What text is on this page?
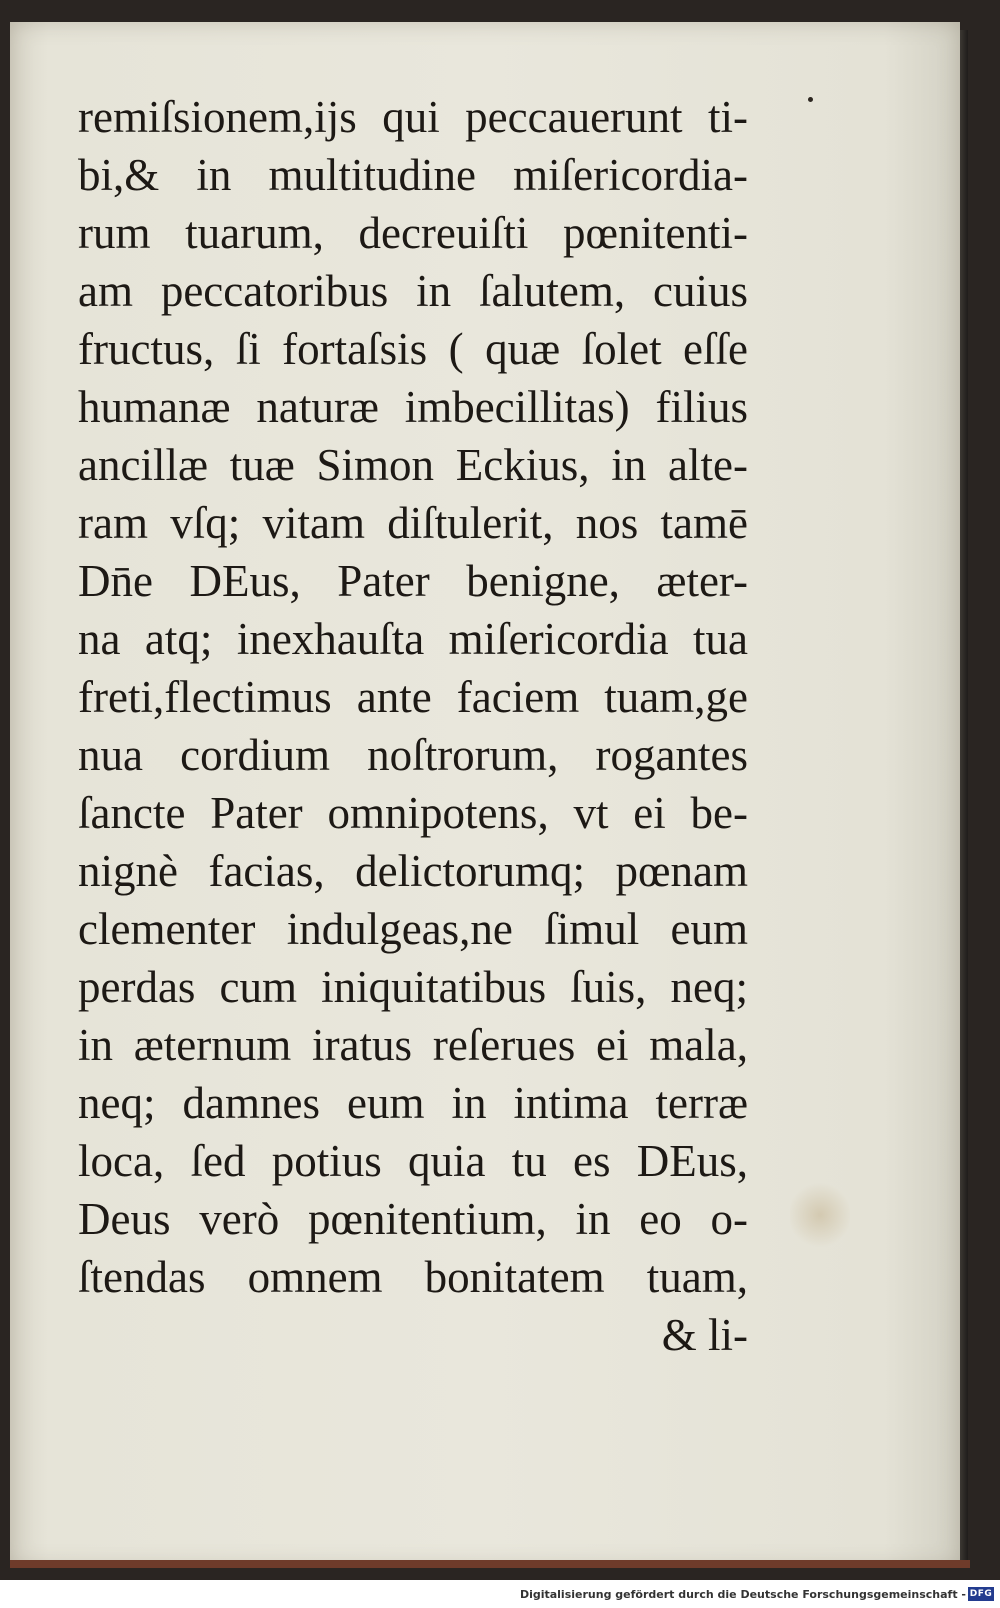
remiſsionem,ijs qui peccauerunt ti-
bi,& in multitudine miſericordia-
rum tuarum, decreuiſti pœnitenti-
am peccatoribus in ſalutem, cuius
fructus, ſi fortaſsis ( quæ ſolet eſſe
humanæ naturæ imbecillitas) filius
ancillæ tuæ Simon Eckius, in alte-
ram vſq; vitam diſtulerit, nos tamē
Dn̄e DEus, Pater benigne, æter-
na atq; inexhauſta miſericordia tua
freti,flectimus ante faciem tuam,ge
nua cordium noſtrorum, rogantes
ſancte Pater omnipotens, vt ei be-
nignè facias, delictorumq; pœnam
clementer indulgeas,ne ſimul eum
perdas cum iniquitatibus ſuis, neq;
in æternum iratus reſerues ei mala,
neq; damnes eum in intima terræ
loca, ſed potius quia tu es DEus,
Deus verò pœnitentium, in eo o-
ſtendas omnem bonitatem tuam,
& li-
Digitalisierung gefördert durch die Deutsche Forschungsgemeinschaft - DFG
